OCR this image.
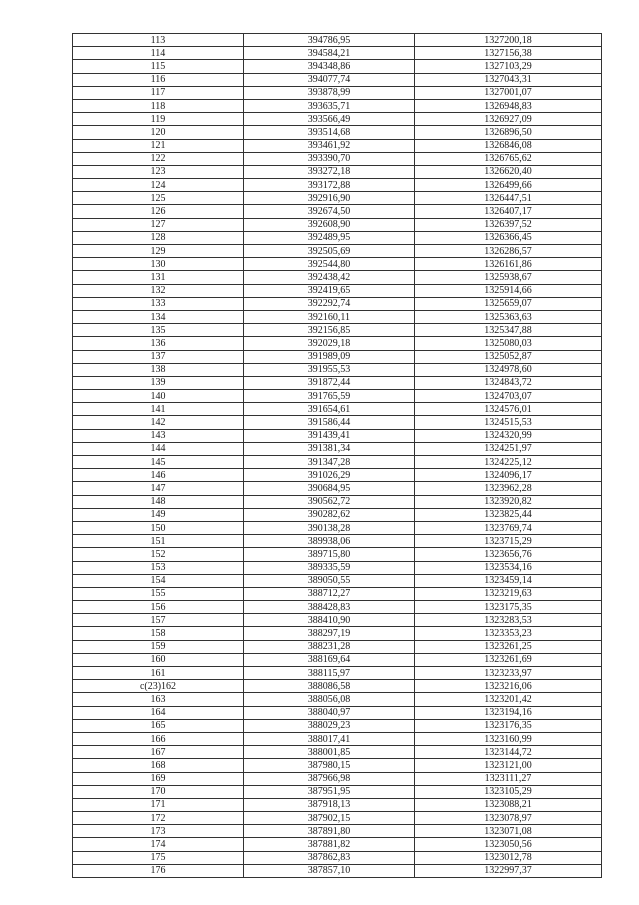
113	394786,95	1327200,18
114	394584,21	1327156,38
115	394348,86	1327103,29
116	394077,74	1327043,31
117	393878,99	1327001,07
118	393635,71	1326948,83
119	393566,49	1326927,09
120	393514,68	1326896,50
121	393461,92	1326846,08
122	393390,70	1326765,62
123	393272,18	1326620,40
124	393172,88	1326499,66
125	392916,90	1326447,51
126	392674,50	1326407,17
127	392608,90	1326397,52
128	392489,95	1326366,45
129	392505,69	1326286,57
130	392544,80	1326161,86
131	392438,42	1325938,67
132	392419,65	1325914,66
133	392292,74	1325659,07
134	392160,11	1325363,63
135	392156,85	1325347,88
136	392029,18	1325080,03
137	391989,09	1325052,87
138	391955,53	1324978,60
139	391872,44	1324843,72
140	391765,59	1324703,07
141	391654,61	1324576,01
142	391586,44	1324515,53
143	391439,41	1324320,99
144	391381,34	1324251,97
145	391347,28	1324225,12
146	391026,29	1324096,17
147	390684,95	1323962,28
148	390562,72	1323920,82
149	390282,62	1323825,44
150	390138,28	1323769,74
151	389938,06	1323715,29
152	389715,80	1323656,76
153	389335,59	1323534,16
154	389050,55	1323459,14
155	388712,27	1323219,63
156	388428,83	1323175,35
157	388410,90	1323283,53
158	388297,19	1323353,23
159	388231,28	1323261,25
160	388169,64	1323261,69
161	388115,97	1323233,97
c(23)162	388086,58	1323216,06
163	388056,08	1323201,42
164	388040,97	1323194,16
165	388029,23	1323176,35
166	388017,41	1323160,99
167	388001,85	1323144,72
168	387980,15	1323121,00
169	387966,98	1323111,27
170	387951,95	1323105,29
171	387918,13	1323088,21
172	387902,15	1323078,97
173	387891,80	1323071,08
174	387881,82	1323050,56
175	387862,83	1323012,78
176	387857,10	1322997,37
